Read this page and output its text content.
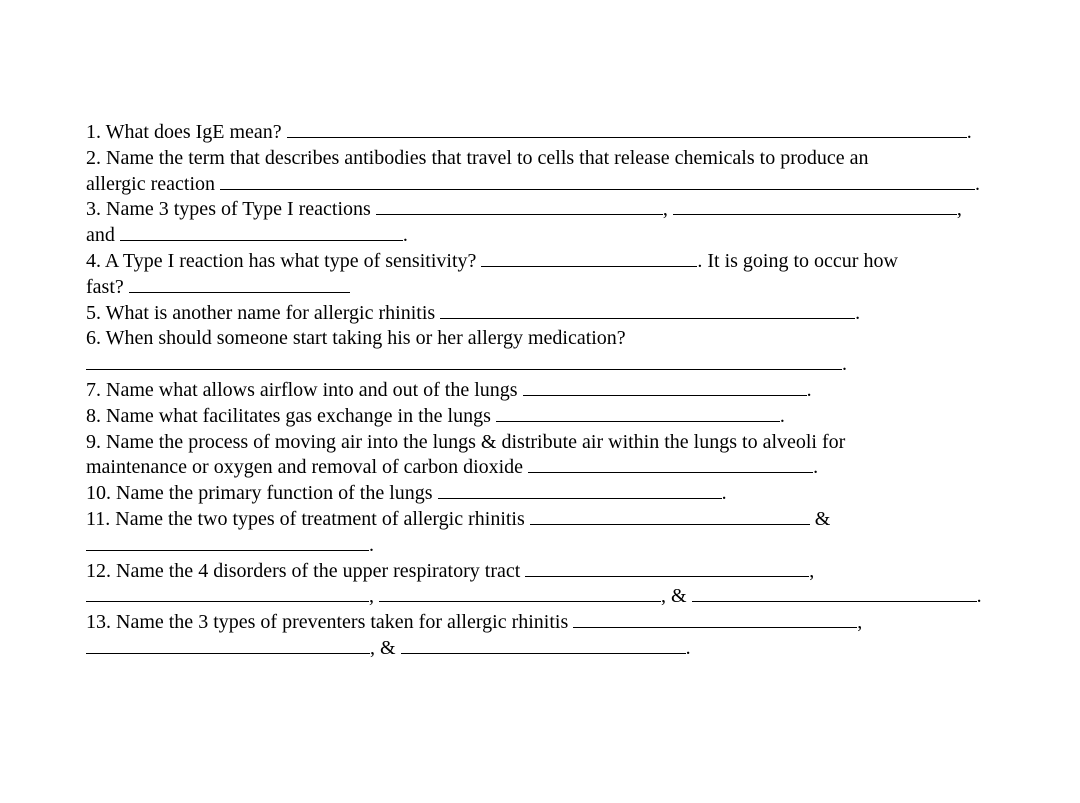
1. What does IgE mean?	.
2. Name the term that describes antibodies that travel to cells that release chemicals to produce an
allergic reaction	.
3. Name 3 types of Type I reactions	,	,
and	.
4. A Type I reaction has what type of sensitivity?	. It is going to occur how
fast?
5. What is another name for allergic rhinitis	.
6. When should someone start taking his or her allergy medication?
.
7. Name what allows airflow into and out of the lungs	.
8. Name what facilitates gas exchange in the lungs	.
9. Name the process of moving air into the lungs & distribute air within the lungs to alveoli for
maintenance or oxygen and removal of carbon dioxide	.
10. Name the primary function of the lungs	.
11. Name the two types of treatment of allergic rhinitis	&
.
12. Name the 4 disorders of the upper respiratory tract	,
,	, &	.
13. Name the 3 types of preventers taken for allergic rhinitis	,
, &	.
